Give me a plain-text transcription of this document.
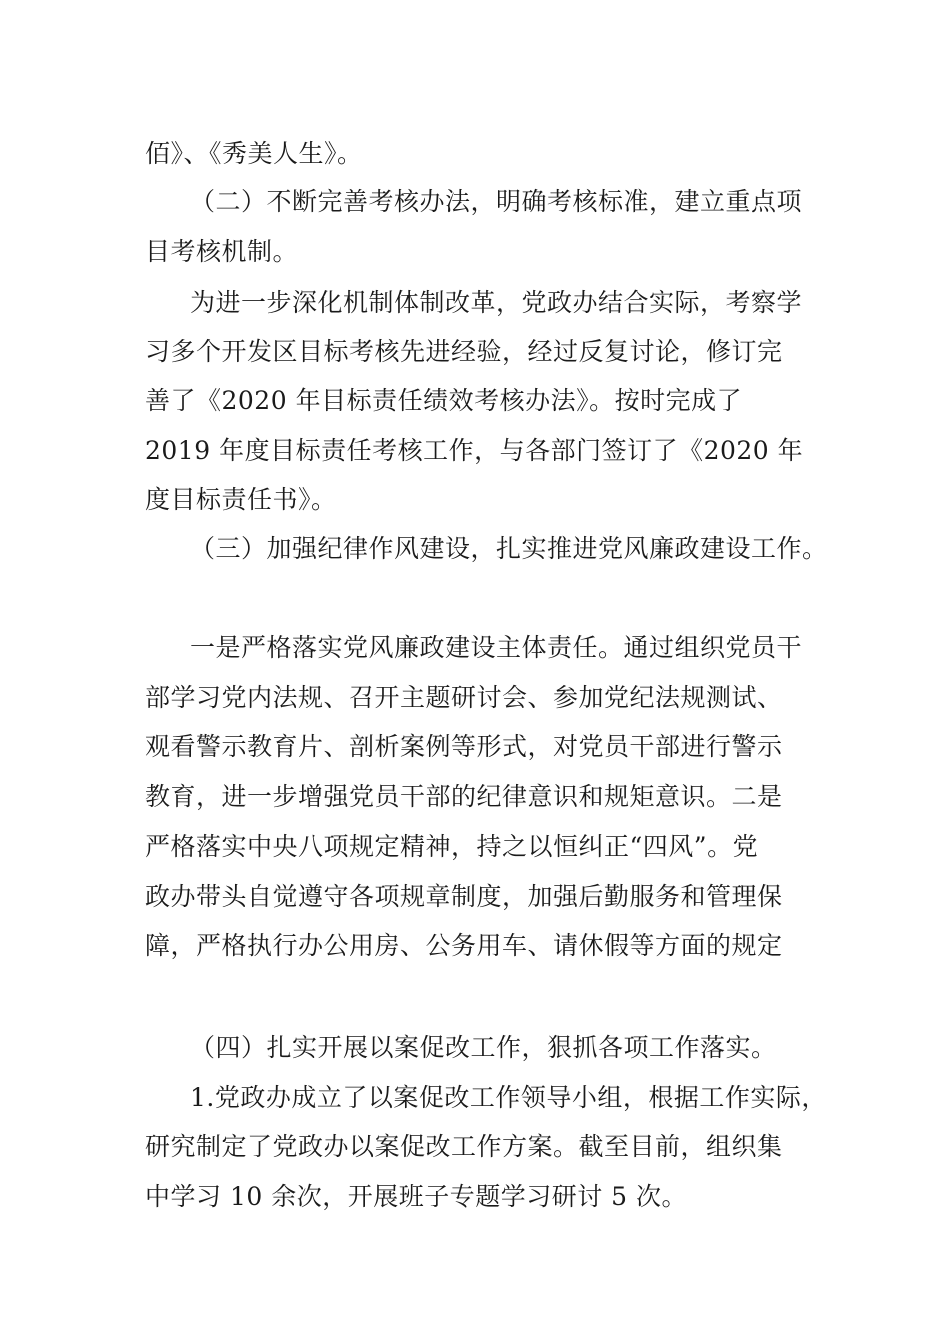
佰》、《秀美人生》。
（二）不断完善考核办法，明确考核标准，建立重点项
目考核机制。
为进一步深化机制体制改革，党政办结合实际，考察学
习多个开发区目标考核先进经验，经过反复讨论，修订完
善了《2020 年目标责任绩效考核办法》。按时完成了
2019 年度目标责任考核工作，与各部门签订了《2020 年
度目标责任书》。
（三）加强纪律作风建设，扎实推进党风廉政建设工作。
一是严格落实党风廉政建设主体责任。通过组织党员干
部学习党内法规、召开主题研讨会、参加党纪法规测试、
观看警示教育片、剖析案例等形式，对党员干部进行警示
教育，进一步增强党员干部的纪律意识和规矩意识。二是
严格落实中央八项规定精神，持之以恒纠正“四风”。党
政办带头自觉遵守各项规章制度，加强后勤服务和管理保
障，严格执行办公用房、公务用车、请休假等方面的规定
（四）扎实开展以案促改工作，狠抓各项工作落实。
1.党政办成立了以案促改工作领导小组，根据工作实际，
研究制定了党政办以案促改工作方案。截至目前，组织集
中学习 10 余次，开展班子专题学习研讨 5 次。
